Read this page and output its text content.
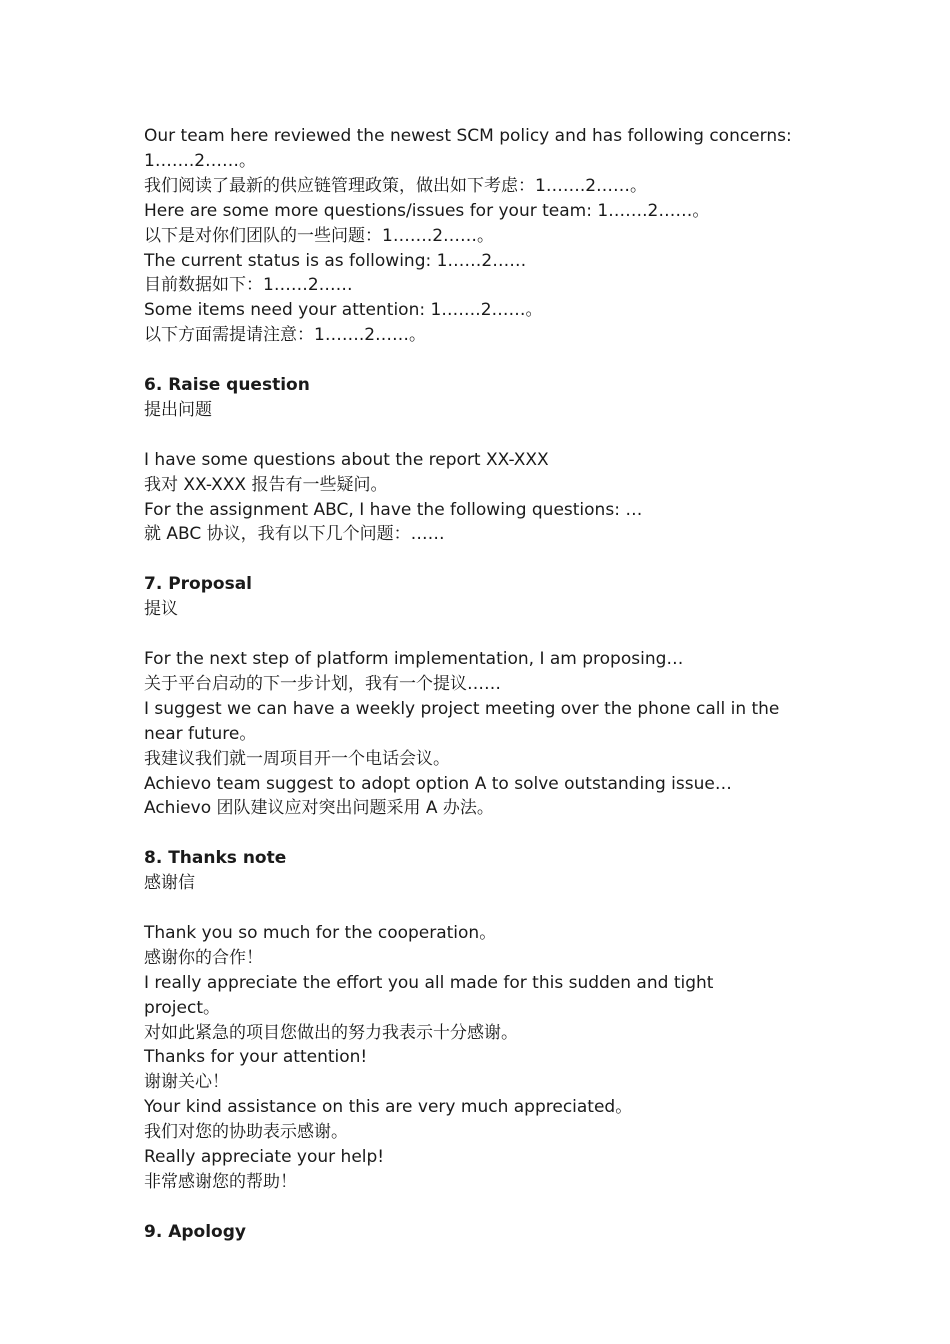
Our team here reviewed the newest SCM policy and has following concerns: 1…….2……。
我们阅读了最新的供应链管理政策，做出如下考虑：1…….2……。
Here are some more questions/issues for your team: 1…….2……。
以下是对你们团队的一些问题：1…….2……。
The current status is as following: 1……2……
目前数据如下：1……2……
Some items need your attention: 1…….2……。
以下方面需提请注意：1…….2……。
6. Raise question
提出问题
I have some questions about the report XX-XXX
我对 XX-XXX 报告有一些疑问。
For the assignment ABC, I have the following questions: …
就 ABC 协议，我有以下几个问题：……
7. Proposal
提议
For the next step of platform implementation, I am proposing…
关于平台启动的下一步计划，我有一个提议……
I suggest we can have a weekly project meeting over the phone call in the near future。
我建议我们就一周项目开一个电话会议。
Achievo team suggest to adopt option A to solve outstanding issue…
Achievo 团队建议应对突出问题采用 A 办法。
8. Thanks note
感谢信
Thank you so much for the cooperation。
感谢你的合作！
I really appreciate the effort you all made for this sudden and tight project。
对如此紧急的项目您做出的努力我表示十分感谢。
Thanks for your attention!
谢谢关心！
Your kind assistance on this are very much appreciated。
我们对您的协助表示感谢。
Really appreciate your help!
非常感谢您的帮助！
9. Apology
